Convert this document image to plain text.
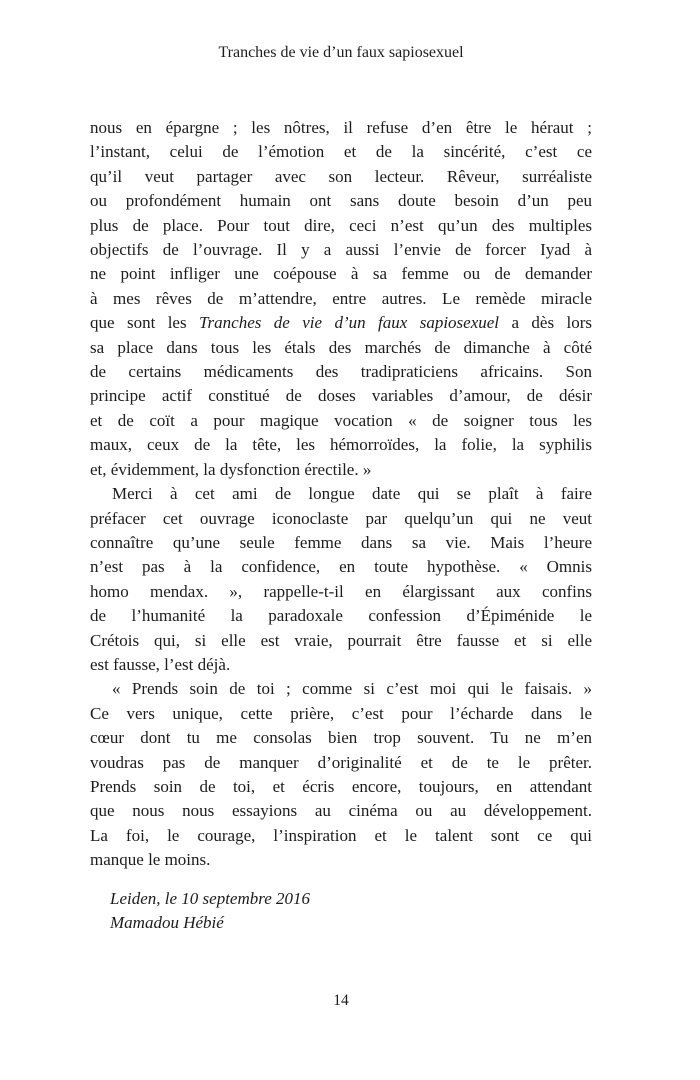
Tranches de vie d’un faux sapiosexuel
nous en épargne ; les nôtres, il refuse d’en être le héraut ;
l’instant, celui de l’émotion et de la sincérité, c’est ce
qu’il veut partager avec son lecteur. Rêveur, surréaliste
ou profondément humain ont sans doute besoin d’un peu
plus de place. Pour tout dire, ceci n’est qu’un des multiples
objectifs de l’ouvrage. Il y a aussi l’envie de forcer Iyad à
ne point infliger une coépouse à sa femme ou de demander
à mes rêves de m’attendre, entre autres. Le remède miracle
que sont les Tranches de vie d’un faux sapiosexuel a dès lors
sa place dans tous les étals des marchés de dimanche à côté
de certains médicaments des tradipraticiens africains. Son
principe actif constitué de doses variables d’amour, de désir
et de coït a pour magique vocation « de soigner tous les
maux, ceux de la tête, les hémorroïdes, la folie, la syphilis
et, évidemment, la dysfonction érectile. »
Merci à cet ami de longue date qui se plaît à faire
préfacer cet ouvrage iconoclaste par quelqu’un qui ne veut
connaître qu’une seule femme dans sa vie. Mais l’heure
n’est pas à la confidence, en toute hypothèse. « Omnis
homo mendax. », rappelle-t-il en élargissant aux confins
de l’humanité la paradoxale confession d’Épiménide le
Crétois qui, si elle est vraie, pourrait être fausse et si elle
est fausse, l’est déjà.
« Prends soin de toi ; comme si c’est moi qui le faisais. »
Ce vers unique, cette prière, c’est pour l’écharde dans le
cœur dont tu me consolas bien trop souvent. Tu ne m’en
voudras pas de manquer d’originalité et de te le prêter.
Prends soin de toi, et écris encore, toujours, en attendant
que nous nous essayions au cinéma ou au développement.
La foi, le courage, l’inspiration et le talent sont ce qui
manque le moins.
Leiden, le 10 septembre 2016
Mamadou Hébié
14
